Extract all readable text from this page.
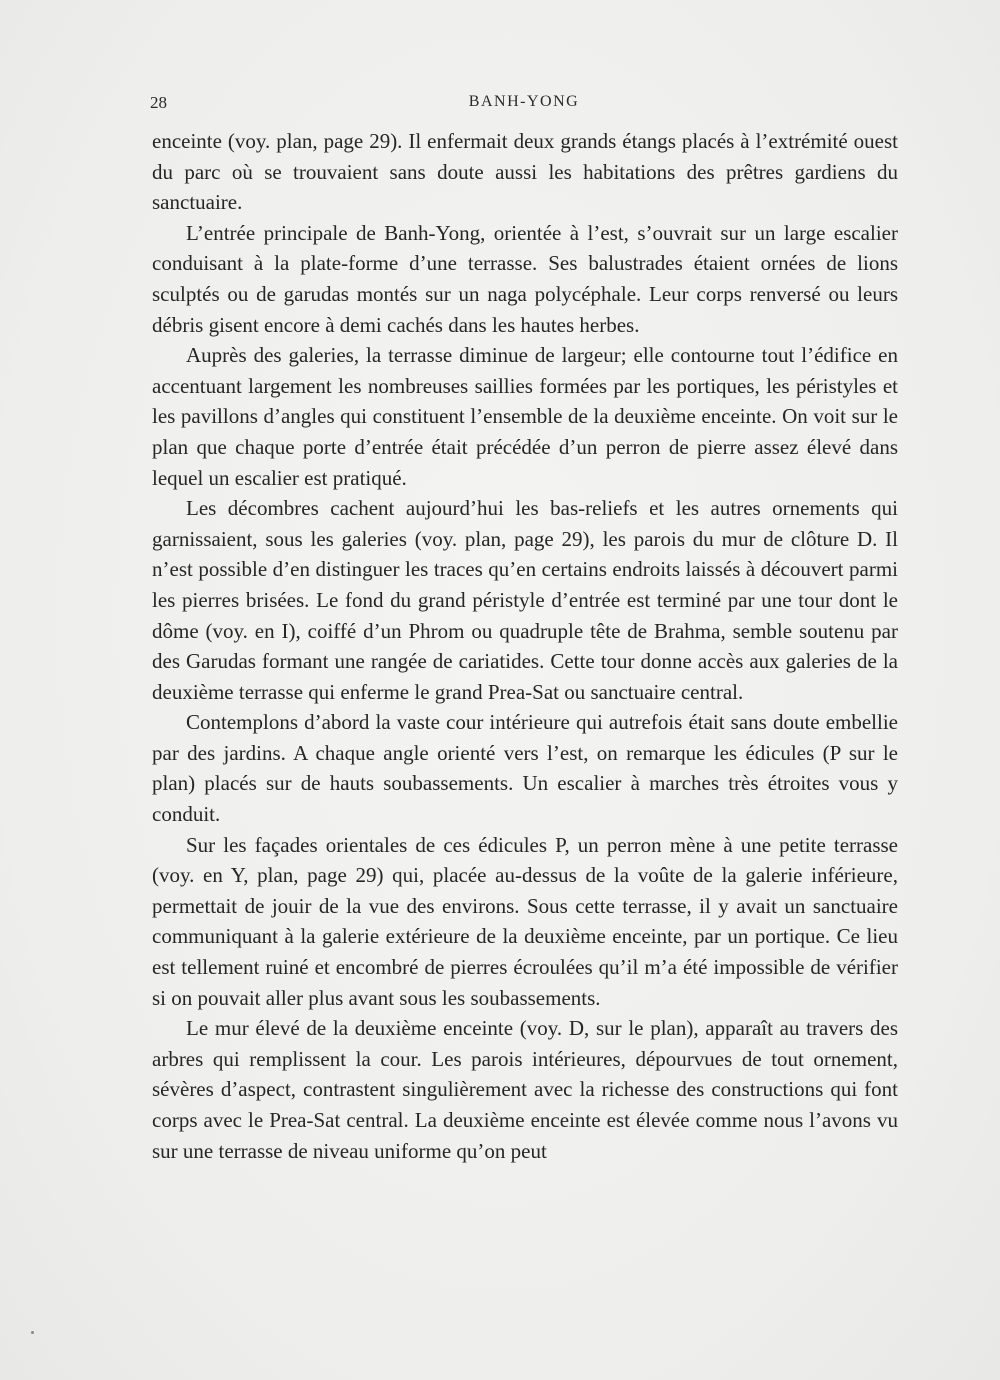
28	BANH-YONG

enceinte (voy. plan, page 29). Il enfermait deux grands étangs placés à l’extrémité ouest du parc où se trouvaient sans doute aussi les habitations des prêtres gardiens du sanctuaire.

L’entrée principale de Banh-Yong, orientée à l’est, s’ouvrait sur un large escalier conduisant à la plate-forme d’une terrasse. Ses balustrades étaient ornées de lions sculptés ou de garudas montés sur un naga polycéphale. Leur corps renversé ou leurs débris gisent encore à demi cachés dans les hautes herbes.

Auprès des galeries, la terrasse diminue de largeur; elle contourne tout l’édifice en accentuant largement les nombreuses saillies formées par les portiques, les péristyles et les pavillons d’angles qui constituent l’ensemble de la deuxième enceinte. On voit sur le plan que chaque porte d’entrée était précédée d’un perron de pierre assez élevé dans lequel un escalier est pratiqué.

Les décombres cachent aujourd’hui les bas-reliefs et les autres ornements qui garnissaient, sous les galeries (voy. plan, page 29), les parois du mur de clôture D. Il n’est possible d’en distinguer les traces qu’en certains endroits laissés à découvert parmi les pierres brisées. Le fond du grand péristyle d’entrée est terminé par une tour dont le dôme (voy. en I), coiffé d’un Phrom ou quadruple tête de Brahma, semble soutenu par des Garudas formant une rangée de cariatides. Cette tour donne accès aux galeries de la deuxième terrasse qui enferme le grand Prea-Sat ou sanctuaire central.

Contemplons d’abord la vaste cour intérieure qui autrefois était sans doute embellie par des jardins. A chaque angle orienté vers l’est, on remarque les édicules (P sur le plan) placés sur de hauts soubassements. Un escalier à marches très étroites vous y conduit.

Sur les façades orientales de ces édicules P, un perron mène à une petite terrasse (voy. en Y, plan, page 29) qui, placée au-dessus de la voûte de la galerie inférieure, permettait de jouir de la vue des environs. Sous cette terrasse, il y avait un sanctuaire communiquant à la galerie extérieure de la deuxième enceinte, par un portique. Ce lieu est tellement ruiné et encombré de pierres écroulées qu’il m’a été impossible de vérifier si on pouvait aller plus avant sous les soubassements.

Le mur élevé de la deuxième enceinte (voy. D, sur le plan), apparaît au travers des arbres qui remplissent la cour. Les parois intérieures, dépourvues de tout ornement, sévères d’aspect, contrastent singulièrement avec la richesse des constructions qui font corps avec le Prea-Sat central. La deuxième enceinte est élevée comme nous l’avons vu sur une terrasse de niveau uniforme qu’on peut
